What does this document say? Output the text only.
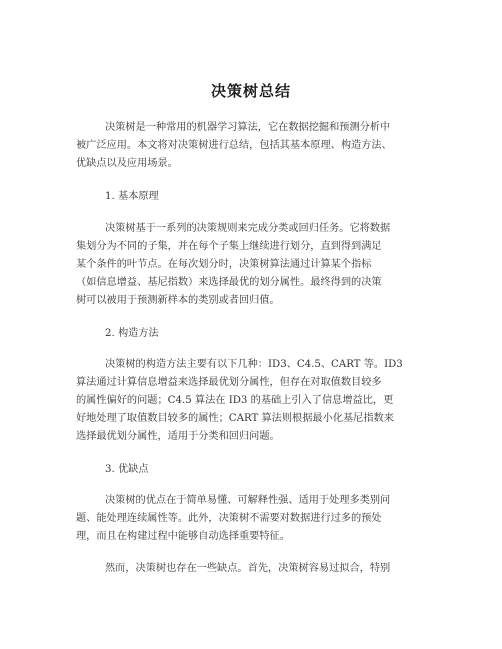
决策树总结
决策树是一种常用的机器学习算法，它在数据挖掘和预测分析中
被广泛应用。本文将对决策树进行总结，包括其基本原理、构造方法、
优缺点以及应用场景。
1. 基本原理
决策树基于一系列的决策规则来完成分类或回归任务。它将数据
集划分为不同的子集，并在每个子集上继续进行划分，直到得到满足
某个条件的叶节点。在每次划分时，决策树算法通过计算某个指标
（如信息增益、基尼指数）来选择最优的划分属性。最终得到的决策
树可以被用于预测新样本的类别或者回归值。
2. 构造方法
决策树的构造方法主要有以下几种：ID3、C4.5、CART 等。ID3
算法通过计算信息增益来选择最优划分属性，但存在对取值数目较多
的属性偏好的问题；C4.5 算法在 ID3 的基础上引入了信息增益比，更
好地处理了取值数目较多的属性；CART 算法则根据最小化基尼指数来
选择最优划分属性，适用于分类和回归问题。
3. 优缺点
决策树的优点在于简单易懂、可解释性强、适用于处理多类别问
题、能处理连续属性等。此外，决策树不需要对数据进行过多的预处
理，而且在构建过程中能够自动选择重要特征。
然而，决策树也存在一些缺点。首先，决策树容易过拟合，特别
